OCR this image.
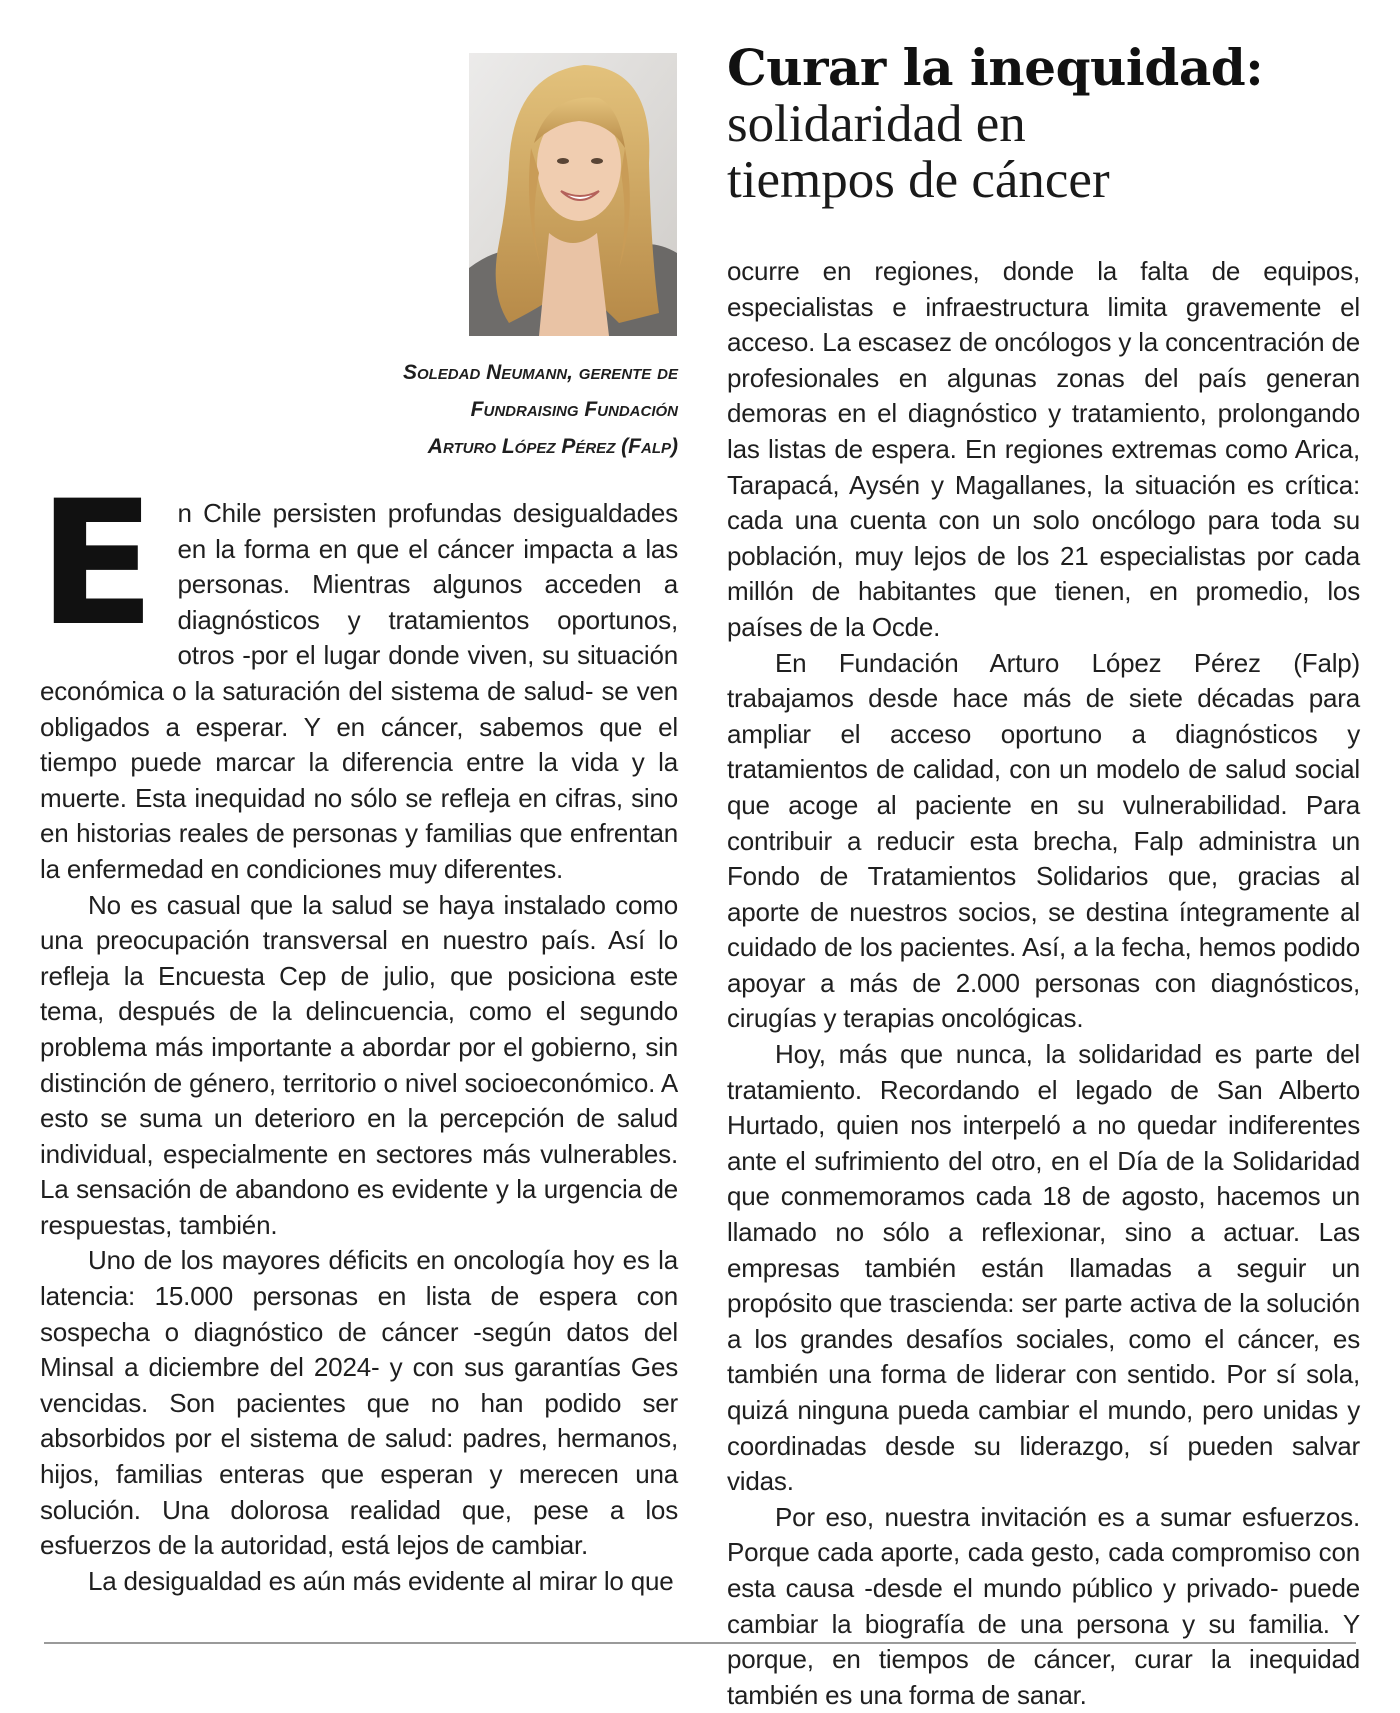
Curar la inequidad:

solidaridad en

tiempos de cáncer

Soledad Neumann, gerente de
Fundraising Fundación
Arturo López Pérez (Falp)
E n Chile persisten profundas desigualdades en la forma en que el cáncer impacta a las personas. Mientras algunos acceden a diagnósticos y tratamientos oportunos, otros -por el lugar donde viven, su situación económica o la saturación del sistema de salud- se ven obligados a esperar. Y en cáncer, sabemos que el tiempo puede marcar la diferencia entre la vida y la muerte. Esta inequidad no sólo se refleja en cifras, sino en historias reales de personas y familias que enfrentan la enfermedad en condiciones muy diferentes.

No es casual que la salud se haya instalado como una preocupación transversal en nuestro país. Así lo refleja la Encuesta Cep de julio, que posiciona este tema, después de la delincuencia, como el segundo problema más importante a abordar por el gobierno, sin distinción de género, territorio o nivel socioeconómico. A esto se suma un deterioro en la percepción de salud individual, especialmente en sectores más vulnerables. La sensación de abandono es evidente y la urgencia de respuestas, también.

Uno de los mayores déficits en oncología hoy es la latencia: 15.000 personas en lista de espera con sospecha o diagnóstico de cáncer -según datos del Minsal a diciembre del 2024- y con sus garantías Ges vencidas. Son pacientes que no han podido ser absorbidos por el sistema de salud: padres, hermanos, hijos, familias enteras que esperan y merecen una solución. Una dolorosa realidad que, pese a los esfuerzos de la autoridad, está lejos de cambiar.

La desigualdad es aún más evidente al mirar lo que

ocurre en regiones, donde la falta de equipos, especialistas e infraestructura limita gravemente el acceso. La escasez de oncólogos y la concentración de profesionales en algunas zonas del país generan demoras en el diagnóstico y tratamiento, prolongando las listas de espera. En regiones extremas como Arica, Tarapacá, Aysén y Magallanes, la situación es crítica: cada una cuenta con un solo oncólogo para toda su población, muy lejos de los 21 especialistas por cada millón de habitantes que tienen, en promedio, los países de la Ocde.

En Fundación Arturo López Pérez (Falp) trabajamos desde hace más de siete décadas para ampliar el acceso oportuno a diagnósticos y tratamientos de calidad, con un modelo de salud social que acoge al paciente en su vulnerabilidad. Para contribuir a reducir esta brecha, Falp administra un Fondo de Tratamientos Solidarios que, gracias al aporte de nuestros socios, se destina íntegramente al cuidado de los pacientes. Así, a la fecha, hemos podido apoyar a más de 2.000 personas con diagnósticos, cirugías y terapias oncológicas.

Hoy, más que nunca, la solidaridad es parte del tratamiento. Recordando el legado de San Alberto Hurtado, quien nos interpeló a no quedar indiferentes ante el sufrimiento del otro, en el Día de la Solidaridad que conmemoramos cada 18 de agosto, hacemos un llamado no sólo a reflexionar, sino a actuar. Las empresas también están llamadas a seguir un propósito que trascienda: ser parte activa de la solución a los grandes desafíos sociales, como el cáncer, es también una forma de liderar con sentido. Por sí sola, quizá ninguna pueda cambiar el mundo, pero unidas y coordinadas desde su liderazgo, sí pueden salvar vidas.

Por eso, nuestra invitación es a sumar esfuerzos. Porque cada aporte, cada gesto, cada compromiso con esta causa -desde el mundo público y privado- puede cambiar la biografía de una persona y su familia. Y porque, en tiempos de cáncer, curar la inequidad también es una forma de sanar.
